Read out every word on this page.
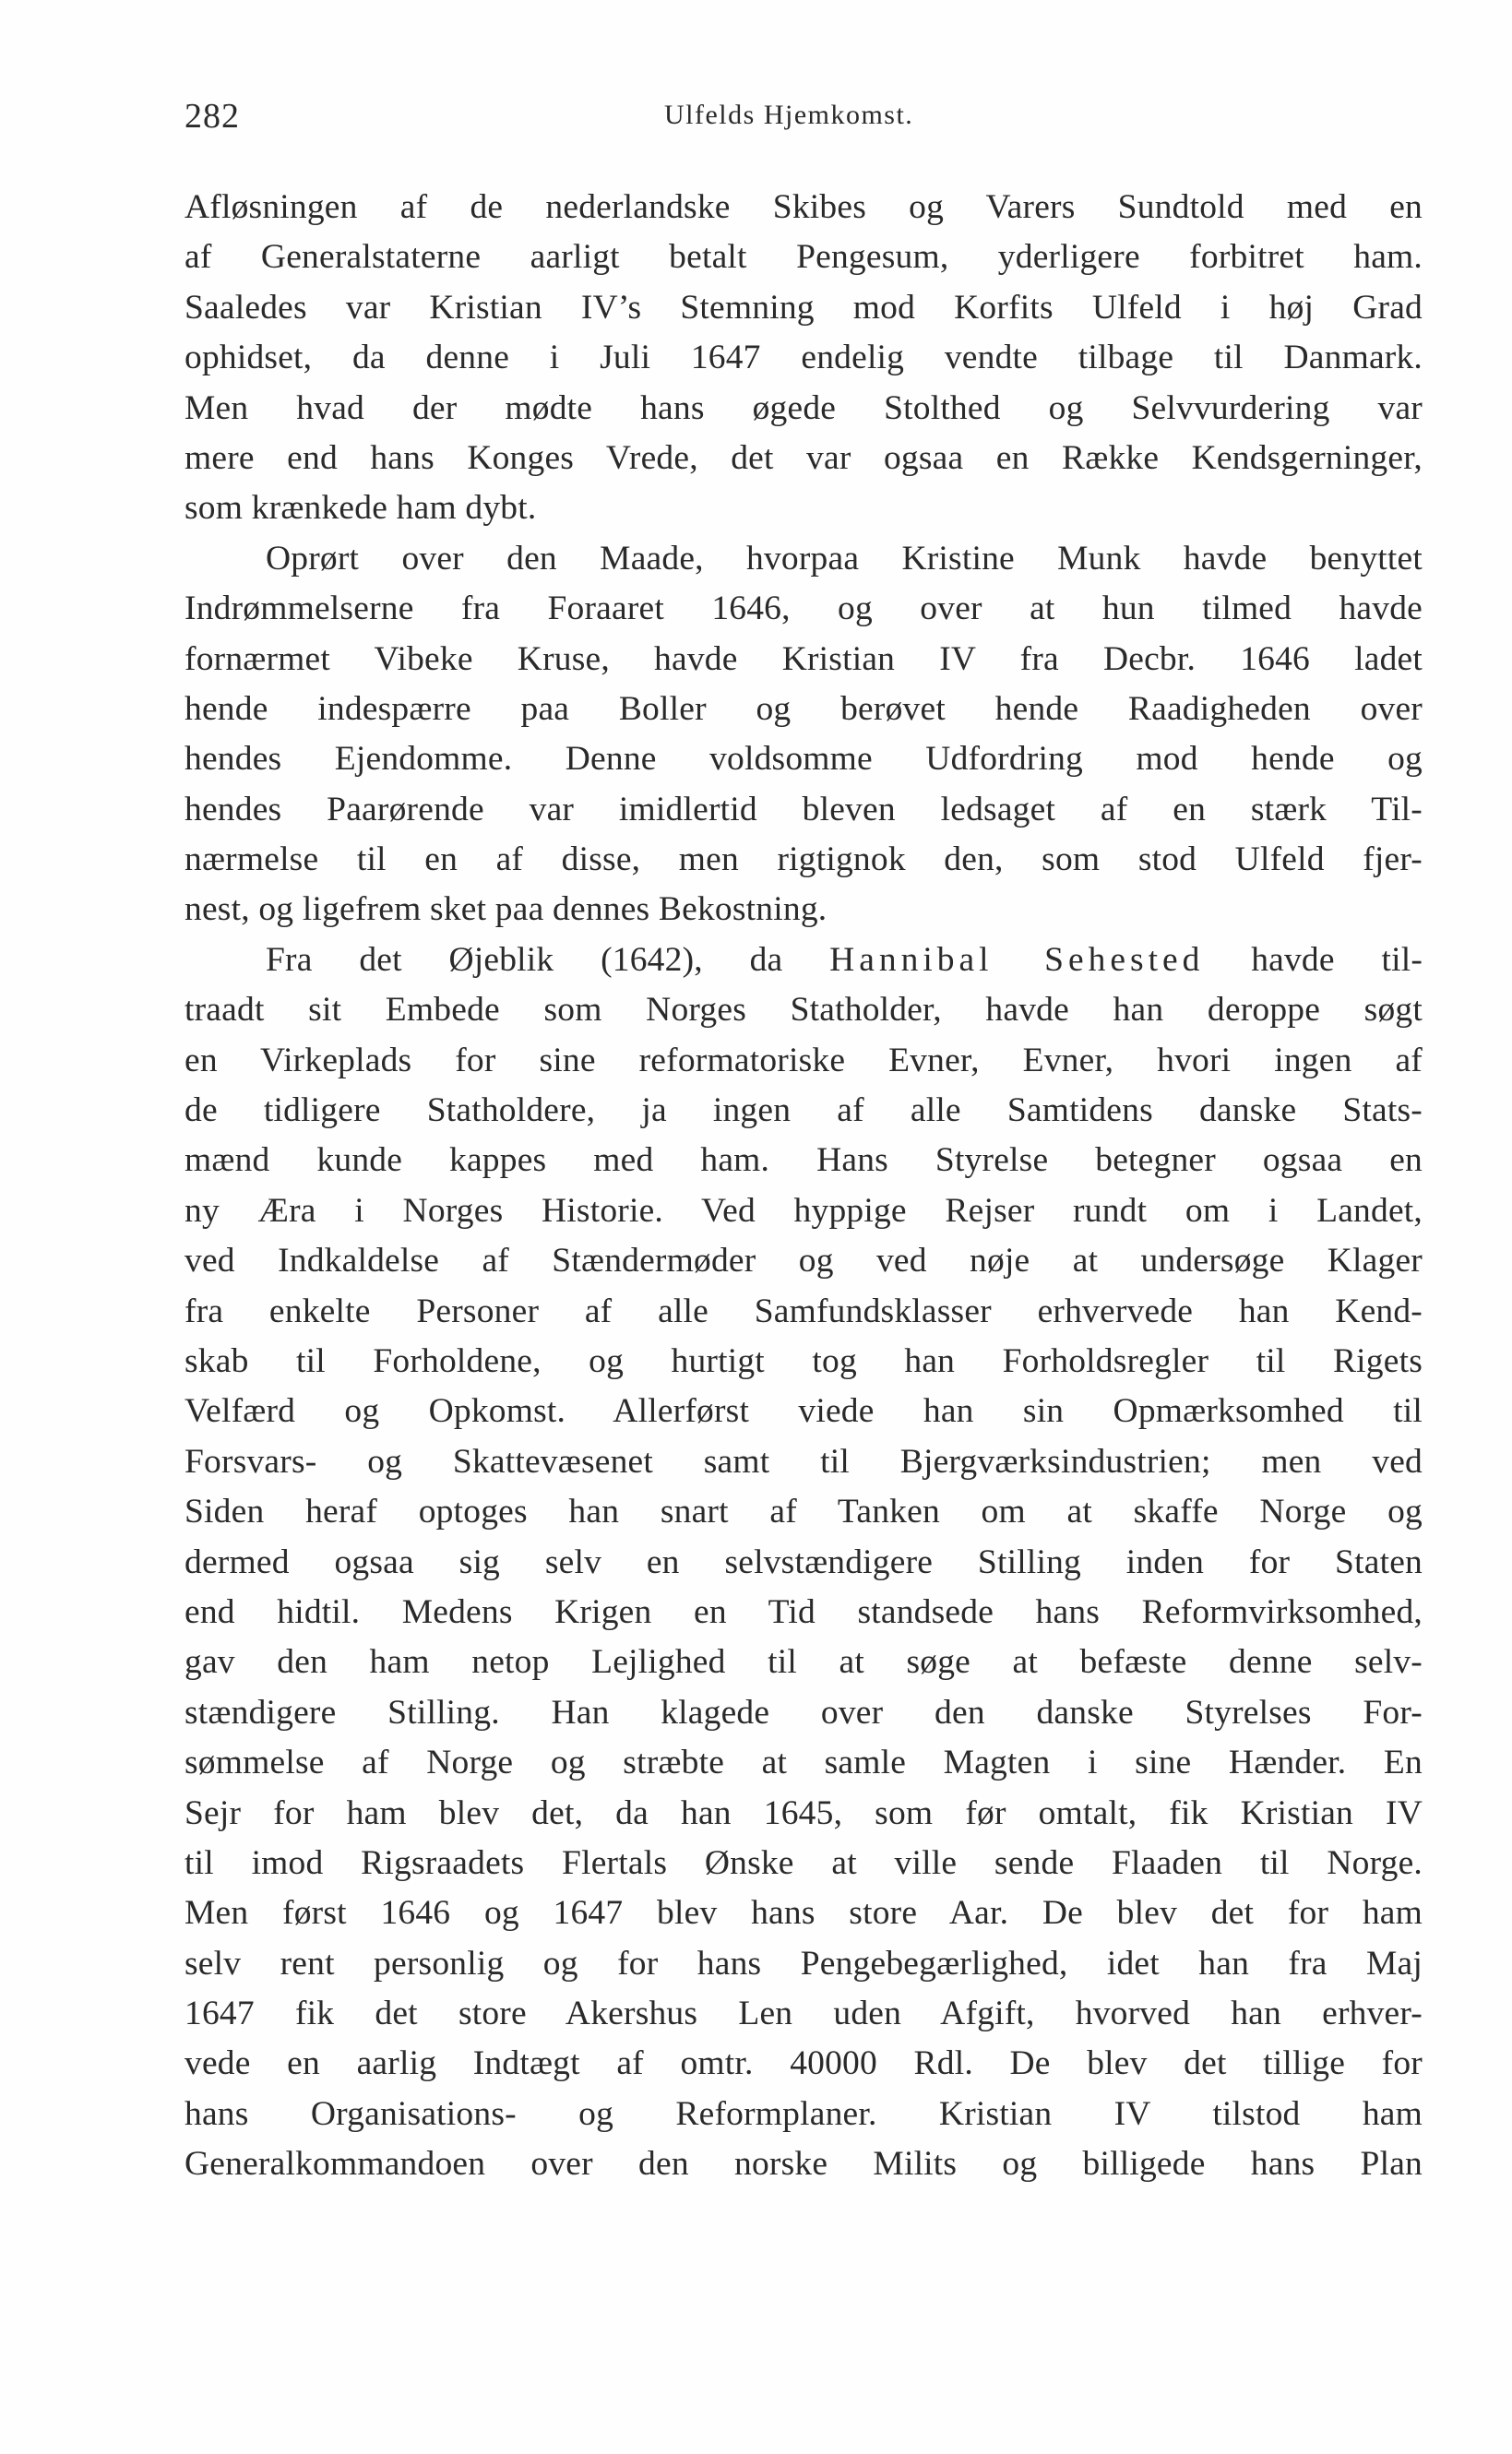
282	Ulfelds Hjemkomst.
Afløsningen af de nederlandske Skibes og Varers Sundtold med en
af Generalstaterne aarligt betalt Pengesum, yderligere forbitret ham.
Saaledes var Kristian IV’s Stemning mod Korfits Ulfeld i høj Grad
ophidset, da denne i Juli 1647 endelig vendte tilbage til Danmark.
Men hvad der mødte hans øgede Stolthed og Selvvurdering var
mere end hans Konges Vrede, det var ogsaa en Række Kendsgerninger,
som krænkede ham dybt.
Oprørt over den Maade, hvorpaa Kristine Munk havde benyttet
Indrømmelserne fra Foraaret 1646, og over at hun tilmed havde
fornærmet Vibeke Kruse, havde Kristian IV fra Decbr. 1646 ladet
hende indespærre paa Boller og berøvet hende Raadigheden over
hendes Ejendomme. Denne voldsomme Udfordring mod hende og
hendes Paarørende var imidlertid bleven ledsaget af en stærk Til-
nærmelse til en af disse, men rigtignok den, som stod Ulfeld fjer-
nest, og ligefrem sket paa dennes Bekostning.
Fra det Øjeblik (1642), da Hannibal Sehested havde til-
traadt sit Embede som Norges Statholder, havde han deroppe søgt
en Virkeplads for sine reformatoriske Evner, Evner, hvori ingen af
de tidligere Statholdere, ja ingen af alle Samtidens danske Stats-
mænd kunde kappes med ham. Hans Styrelse betegner ogsaa en
ny Æra i Norges Historie. Ved hyppige Rejser rundt om i Landet,
ved Indkaldelse af Stændermøder og ved nøje at undersøge Klager
fra enkelte Personer af alle Samfundsklasser erhvervede han Kend-
skab til Forholdene, og hurtigt tog han Forholdsregler til Rigets
Velfærd og Opkomst. Allerførst viede han sin Opmærksomhed til
Forsvars- og Skattevæsenet samt til Bjergværksindustrien; men ved
Siden heraf optoges han snart af Tanken om at skaffe Norge og
dermed ogsaa sig selv en selvstændigere Stilling inden for Staten
end hidtil. Medens Krigen en Tid standsede hans Reformvirksomhed,
gav den ham netop Lejlighed til at søge at befæste denne selv-
stændigere Stilling. Han klagede over den danske Styrelses For-
sømmelse af Norge og stræbte at samle Magten i sine Hænder. En
Sejr for ham blev det, da han 1645, som før omtalt, fik Kristian IV
til imod Rigsraadets Flertals Ønske at ville sende Flaaden til Norge.
Men først 1646 og 1647 blev hans store Aar. De blev det for ham
selv rent personlig og for hans Pengebegærlighed, idet han fra Maj
1647 fik det store Akershus Len uden Afgift, hvorved han erhver-
vede en aarlig Indtægt af omtr. 40000 Rdl. De blev det tillige for
hans Organisations- og Reformplaner. Kristian IV tilstod ham
Generalkommandoen over den norske Milits og billigede hans Plan
